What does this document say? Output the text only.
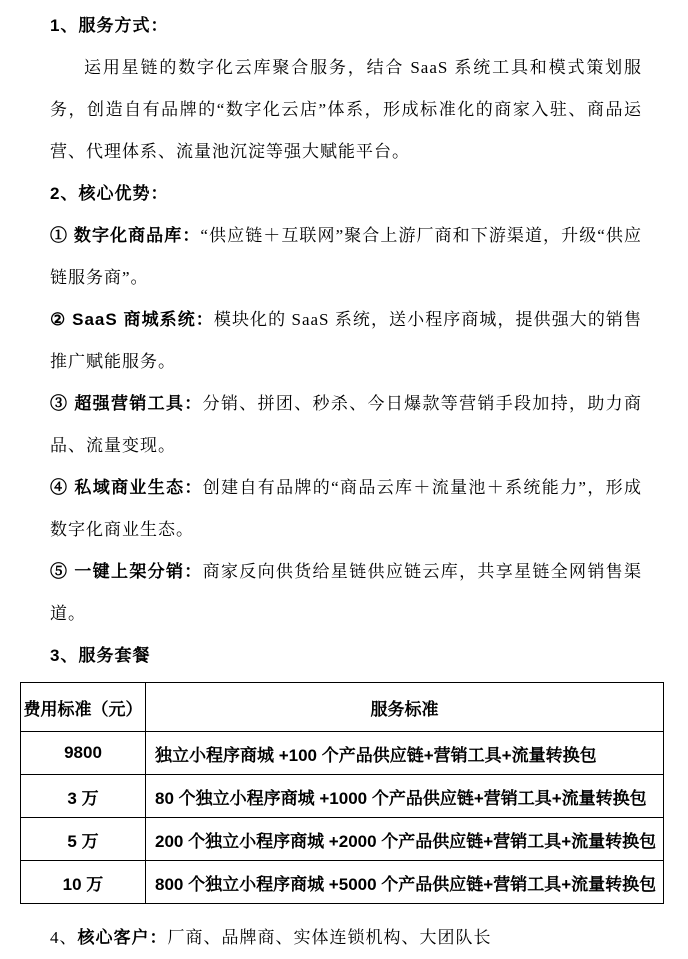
1、服务方式：

运用星链的数字化云库聚合服务，结合 SaaS 系统工具和模式策划服务，创造自有品牌的“数字化云店”体系，形成标准化的商家入驻、商品运营、代理体系、流量池沉淀等强大赋能平台。

2、核心优势：

① 数字化商品库：“供应链＋互联网”聚合上游厂商和下游渠道，升级“供应链服务商”。

② SaaS 商城系统：模块化的 SaaS 系统，送小程序商城，提供强大的销售推广赋能服务。

③ 超强营销工具：分销、拼团、秒杀、今日爆款等营销手段加持，助力商品、流量变现。

④ 私域商业生态：创建自有品牌的“商品云库＋流量池＋系统能力”，形成数字化商业生态。

⑤ 一键上架分销：商家反向供货给星链供应链云库，共享星链全网销售渠道。

3、服务套餐

费用标准（元）	服务标准
9800	独立小程序商城 +100 个产品供应链+营销工具+流量转换包
3 万	80 个独立小程序商城 +1000 个产品供应链+营销工具+流量转换包
5 万	200 个独立小程序商城 +2000 个产品供应链+营销工具+流量转换包
10 万	800 个独立小程序商城 +5000 个产品供应链+营销工具+流量转换包

4、核心客户：厂商、品牌商、实体连锁机构、大团队长
